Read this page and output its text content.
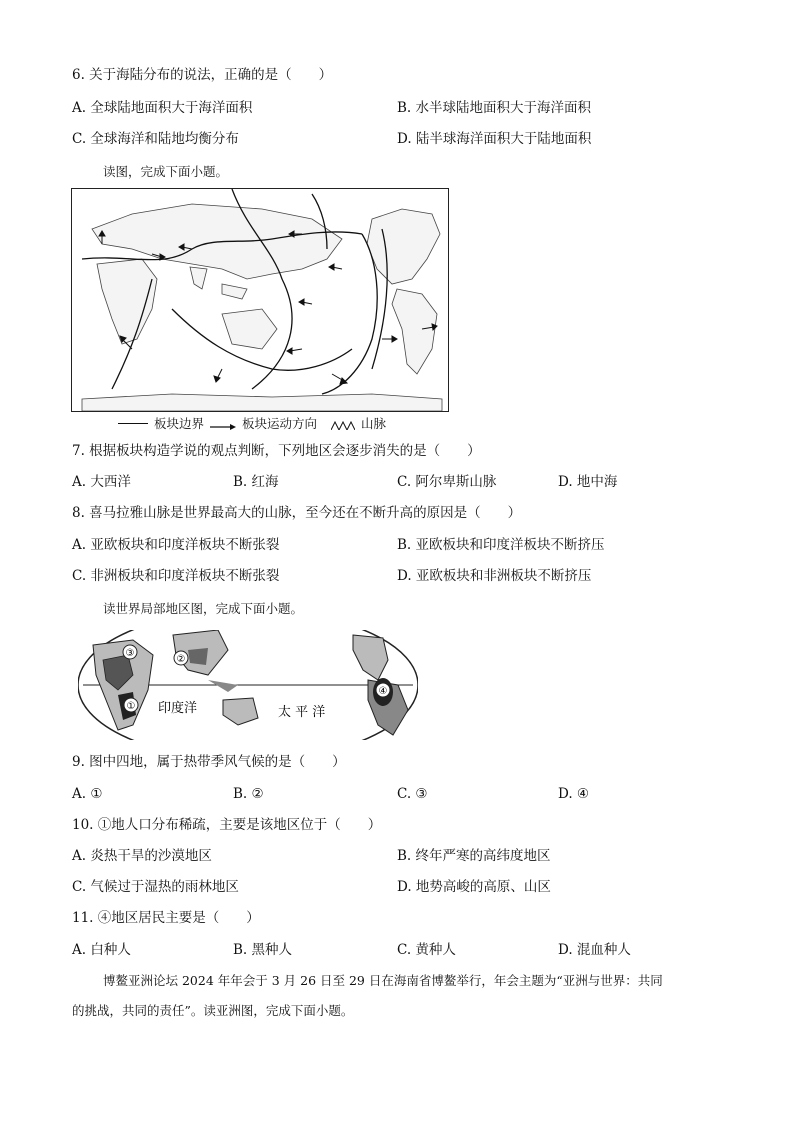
6. 关于海陆分布的说法，正确的是（　　）
A. 全球陆地面积大于海洋面积	B. 水半球陆地面积大于海洋面积
C. 全球海洋和陆地均衡分布	D. 陆半球海洋面积大于陆地面积
读图，完成下面小题。
板块边界	板块运动方向	山脉
7. 根据板块构造学说的观点判断，下列地区会逐步消失的是（　　）
A. 大西洋	B. 红海	C. 阿尔卑斯山脉	D. 地中海
8. 喜马拉雅山脉是世界最高大的山脉，至今还在不断升高的原因是（　　）
A. 亚欧板块和印度洋板块不断张裂	B. 亚欧板块和印度洋板块不断挤压
C. 非洲板块和印度洋板块不断张裂	D. 亚欧板块和非洲板块不断挤压
读世界局部地区图，完成下面小题。
③
②
①
④
印度洋	太 平 洋
9. 图中四地，属于热带季风气候的是（　　）
A. ①	B. ②	C. ③	D. ④
10. ①地人口分布稀疏，主要是该地区位于（　　）
A. 炎热干旱的沙漠地区	B. 终年严寒的高纬度地区
C. 气候过于湿热的雨林地区	D. 地势高峻的高原、山区
11. ④地区居民主要是（　　）
A. 白种人	B. 黑种人	C. 黄种人	D. 混血种人
博鳌亚洲论坛 2024 年年会于 3 月 26 日至 29 日在海南省博鳌举行，年会主题为“亚洲与世界：共同
的挑战，共同的责任”。读亚洲图，完成下面小题。
